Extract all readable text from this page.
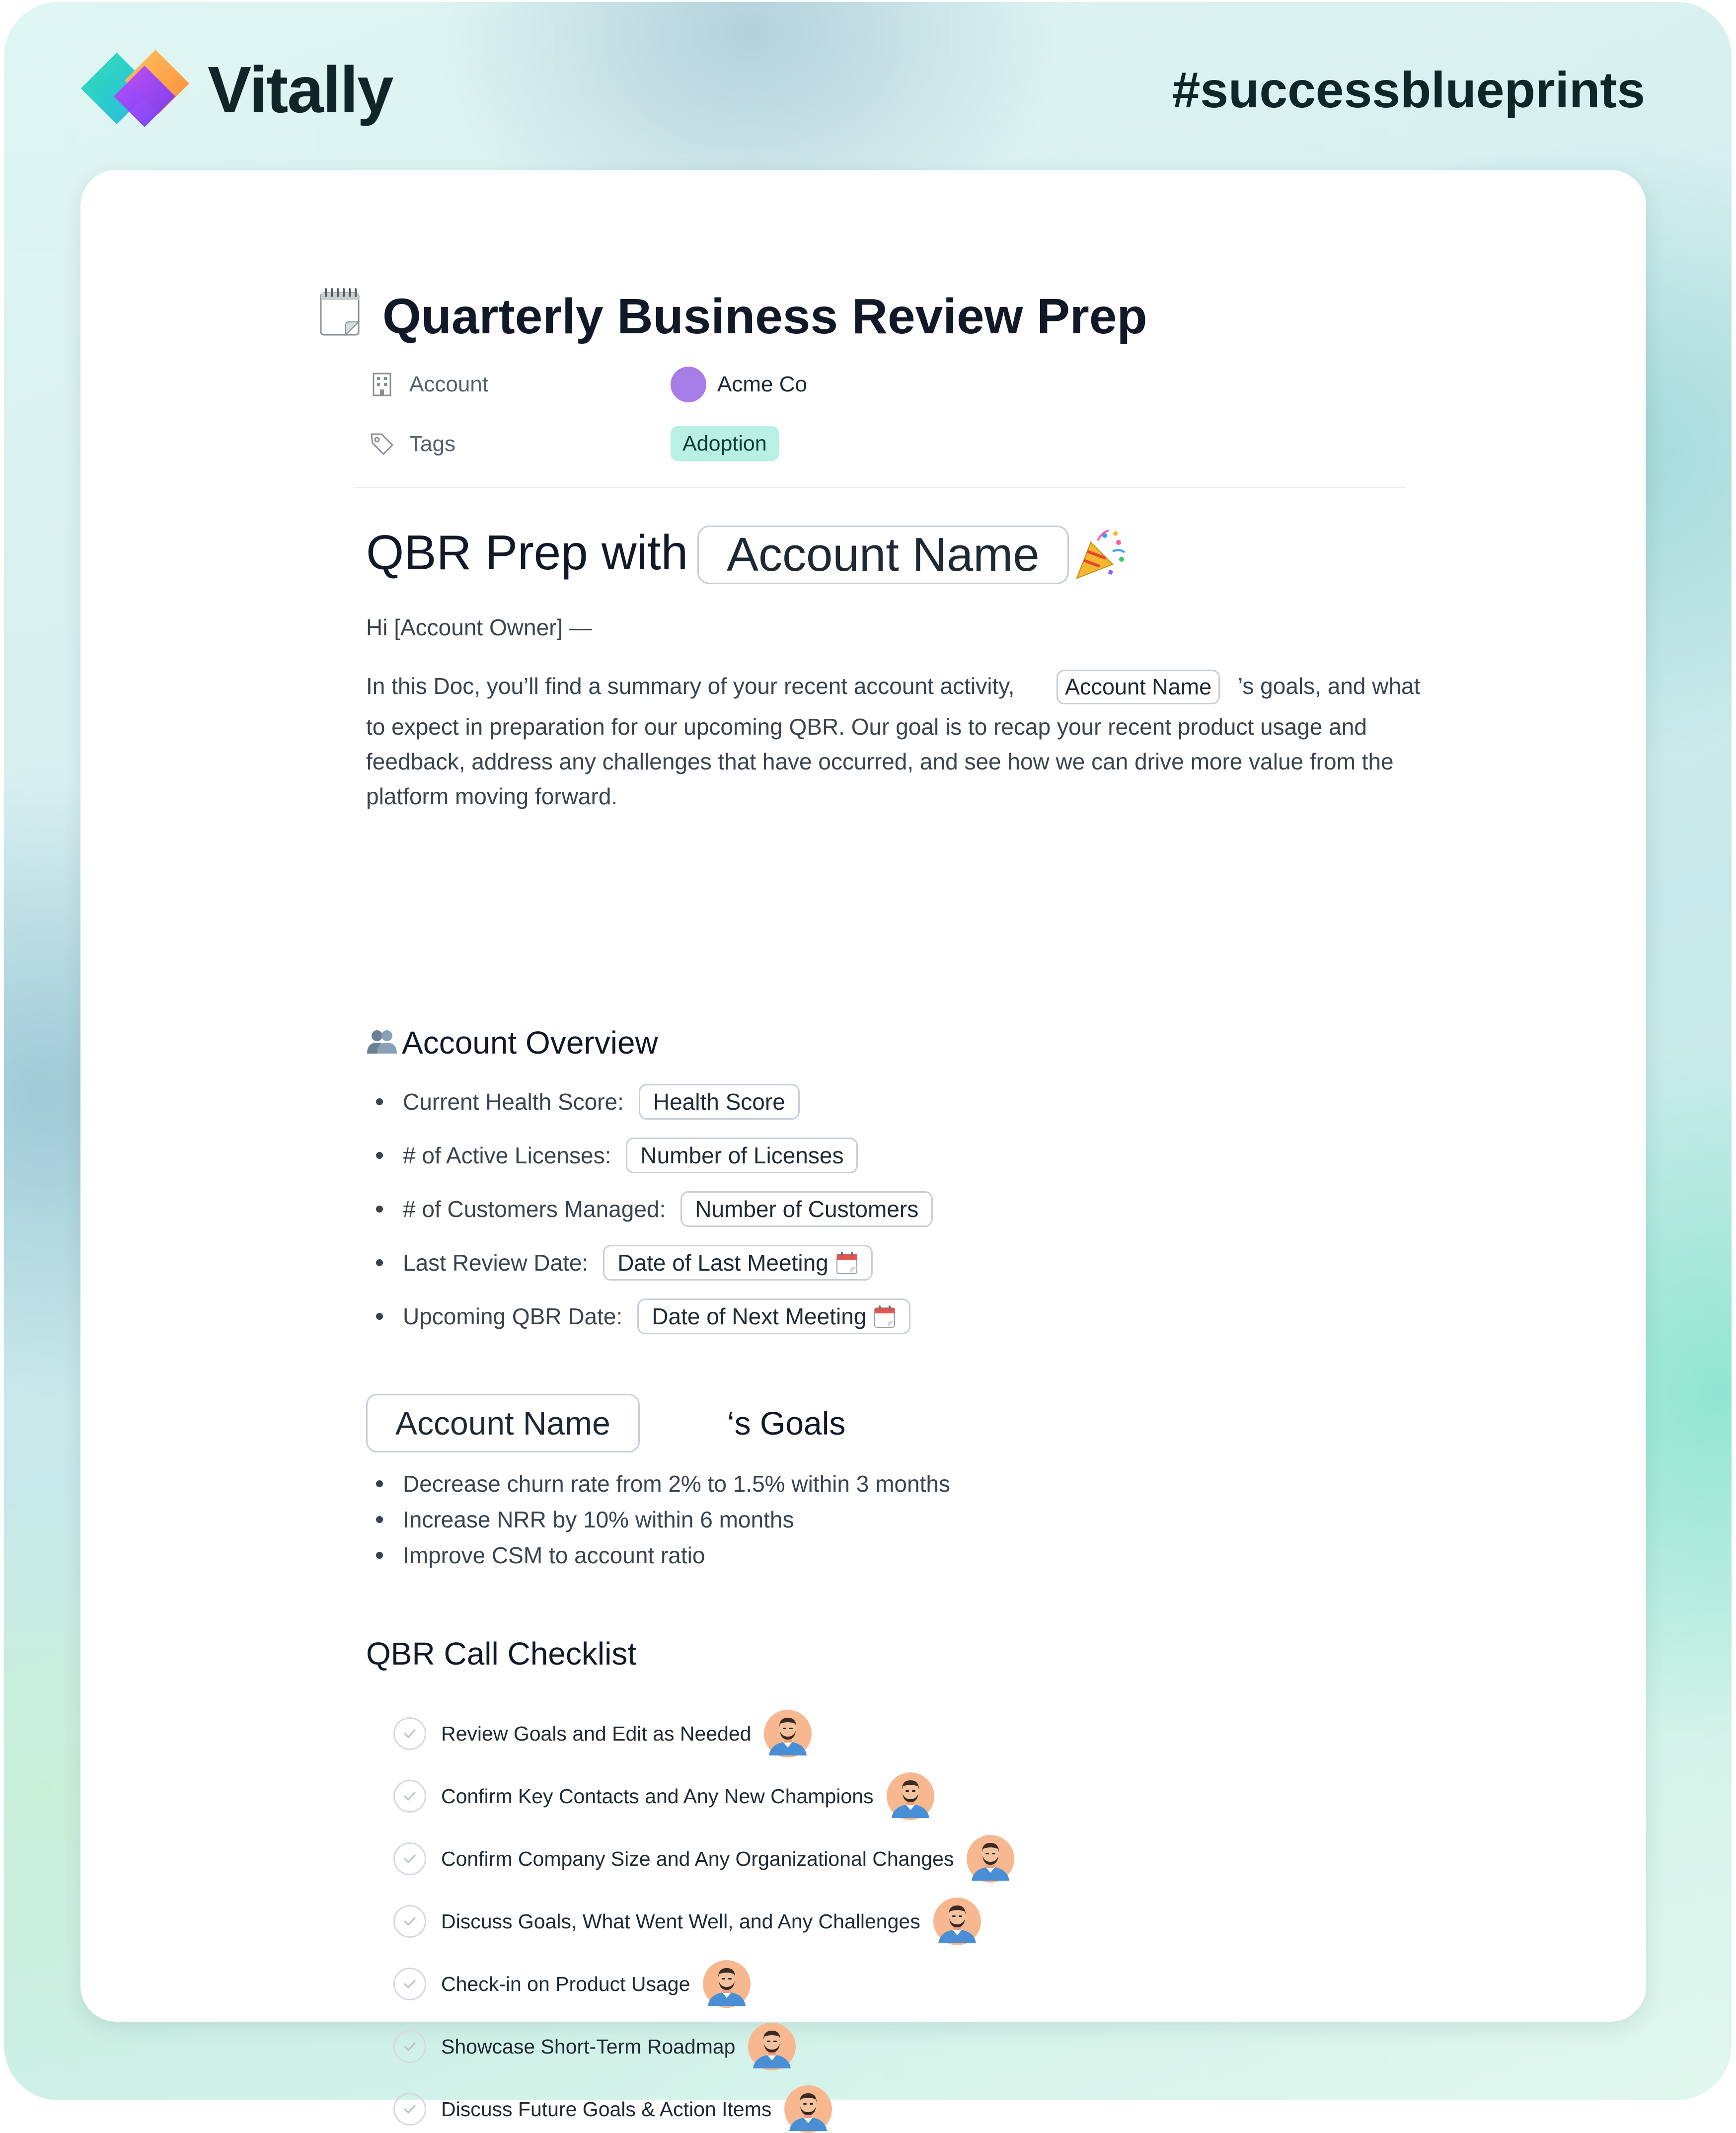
Vitally	#successblueprints
Quarterly Business Review Prep
Account	Acme Co
Tags	Adoption
QBR Prep with Account Name
Hi [Account Owner] —
In this Doc, you’ll find a summary of your recent account activity,	Account Name	’s goals, and what
to expect in preparation for our upcoming QBR. Our goal is to recap your recent product usage and feedback, address any challenges that have occurred, and see how we can drive more value from the platform moving forward.
Account Overview
Current Health Score:	Health Score
# of Active Licenses:	Number of Licenses
# of Customers Managed:	Number of Customers
Last Review Date: Date of Last Meeting
Upcoming QBR Date: Date of Next Meeting
Account Name	‘s Goals
Decrease churn rate from 2% to 1.5% within 3 months
Increase NRR by 10% within 6 months
Improve CSM to account ratio
QBR Call Checklist
Review Goals and Edit as Needed
Confirm Key Contacts and Any New Champions
Confirm Company Size and Any Organizational Changes
Discuss Goals, What Went Well, and Any Challenges
Check-in on Product Usage
Showcase Short-Term Roadmap
Discuss Future Goals & Action Items
